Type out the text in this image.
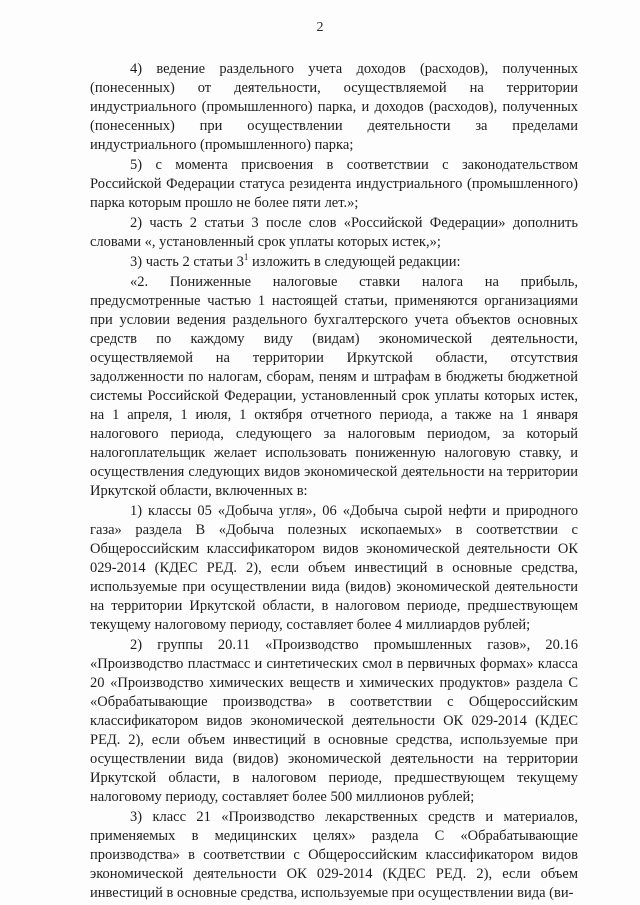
2

4) ведение раздельного учета доходов (расходов), полученных (понесенных) от деятельности, осуществляемой на территории индустриального (промышленного) парка, и доходов (расходов), полученных (понесенных) при осуществлении деятельности за пределами индустриального (промышленного) парка;

5) с момента присвоения в соответствии с законодательством Российской Федерации статуса резидента индустриального (промышленного) парка которым прошло не более пяти лет.»;

2) часть 2 статьи 3 после слов «Российской Федерации» дополнить словами «, установленный срок уплаты которых истек,»;

3) часть 2 статьи $3^1$ изложить в следующей редакции:

«2. Пониженные налоговые ставки налога на прибыль, предусмотренные частью 1 настоящей статьи, применяются организациями при условии ведения раздельного бухгалтерского учета объектов основных средств по каждому виду (видам) экономической деятельности, осуществляемой на территории Иркутской области, отсутствия задолженности по налогам, сборам, пеням и штрафам в бюджеты бюджетной системы Российской Федерации, установленный срок уплаты которых истек, на 1 апреля, 1 июля, 1 октября отчетного периода, а также на 1 января налогового периода, следующего за налоговым периодом, за который налогоплательщик желает использовать пониженную налоговую ставку, и осуществления следующих видов экономической деятельности на территории Иркутской области, включенных в:

1) классы 05 «Добыча угля», 06 «Добыча сырой нефти и природного газа» раздела B «Добыча полезных ископаемых» в соответствии с Общероссийским классификатором видов экономической деятельности ОК 029-2014 (КДЕС РЕД. 2), если объем инвестиций в основные средства, используемые при осуществлении вида (видов) экономической деятельности на территории Иркутской области, в налоговом периоде, предшествующем текущему налоговому периоду, составляет более 4 миллиардов рублей;

2) группы 20.11 «Производство промышленных газов», 20.16 «Производство пластмасс и синтетических смол в первичных формах» класса 20 «Производство химических веществ и химических продуктов» раздела C «Обрабатывающие производства» в соответствии с Общероссийским классификатором видов экономической деятельности ОК 029-2014 (КДЕС РЕД. 2), если объем инвестиций в основные средства, используемые при осуществлении вида (видов) экономической деятельности на территории Иркутской области, в налоговом периоде, предшествующем текущему налоговому периоду, составляет более 500 миллионов рублей;

3) класс 21 «Производство лекарственных средств и материалов, применяемых в медицинских целях» раздела C «Обрабатывающие производства» в соответствии с Общероссийским классификатором видов экономической деятельности ОК 029-2014 (КДЕС РЕД. 2), если объем инвестиций в основные средства, используемые при осуществлении вида (ви-
